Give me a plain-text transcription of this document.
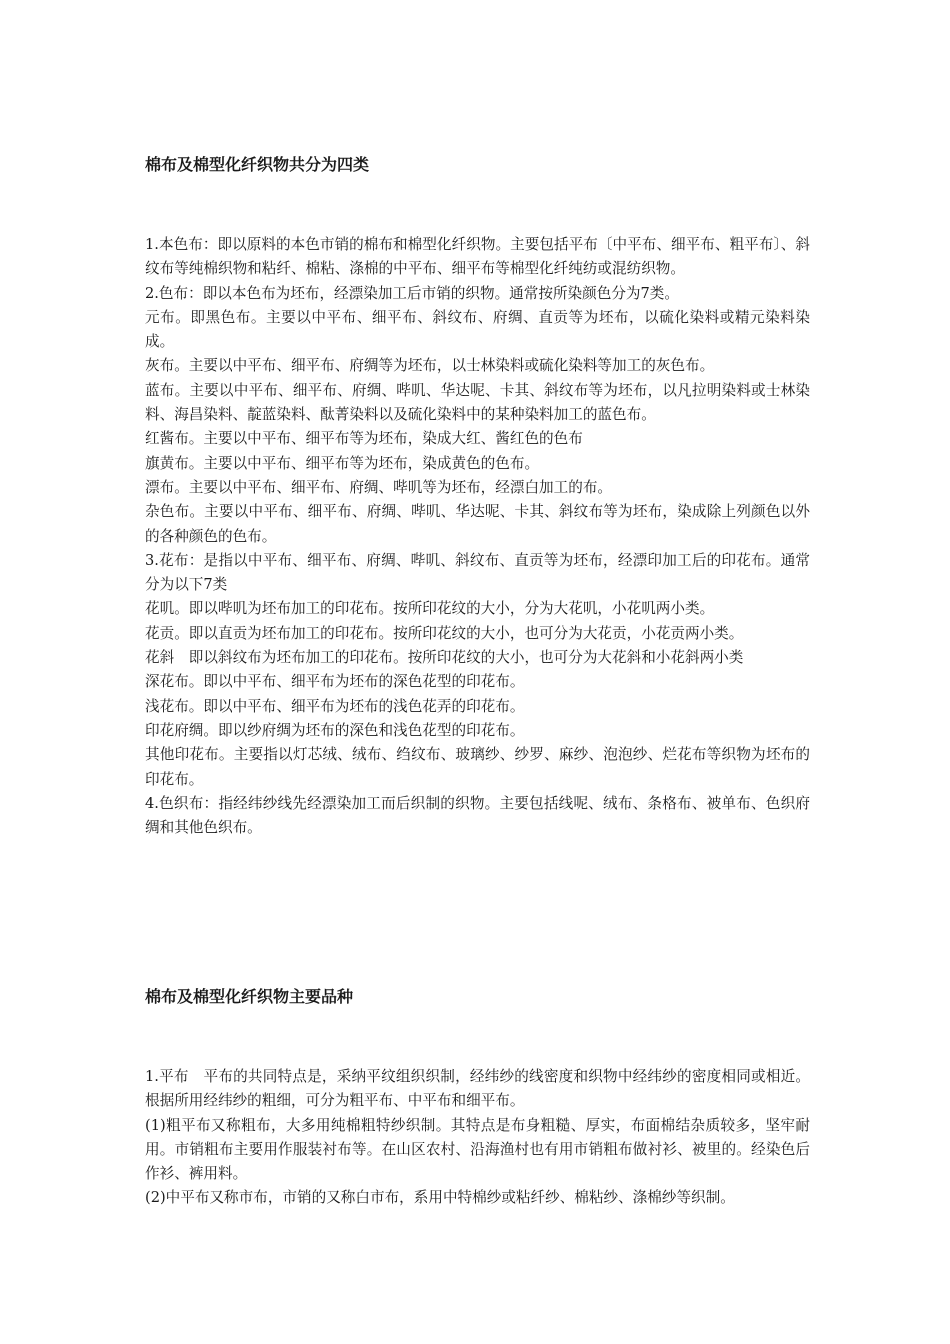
棉布及棉型化纤织物共分为四类

1.本色布：即以原料的本色市销的棉布和棉型化纤织物。主要包括平布〔中平布、细平布、粗平布〕、斜纹布等纯棉织物和粘纤、棉粘、涤棉的中平布、细平布等棉型化纤纯纺或混纺织物。

2.色布：即以本色布为坯布，经漂染加工后市销的织物。通常按所染颜色分为7类。

元布。即黑色布。主要以中平布、细平布、斜纹布、府绸、直贡等为坯布，以硫化染料或精元染料染成。

灰布。主要以中平布、细平布、府绸等为坯布，以士林染料或硫化染料等加工的灰色布。

蓝布。主要以中平布、细平布、府绸、哔叽、华达呢、卡其、斜纹布等为坯布，以凡拉明染料或士林染料、海昌染料、靛蓝染料、酞菁染料以及硫化染料中的某种染料加工的蓝色布。

红酱布。主要以中平布、细平布等为坯布，染成大红、酱红色的色布

旗黄布。主要以中平布、细平布等为坯布，染成黄色的色布。

漂布。主要以中平布、细平布、府绸、哔叽等为坯布，经漂白加工的布。

杂色布。主要以中平布、细平布、府绸、哔叽、华达呢、卡其、斜纹布等为坯布，染成除上列颜色以外的各种颜色的色布。

3.花布：是指以中平布、细平布、府绸、哔叽、斜纹布、直贡等为坯布，经漂印加工后的印花布。通常分为以下7类

花叽。即以哔叽为坯布加工的印花布。按所印花纹的大小，分为大花叽，小花叽两小类。

花贡。即以直贡为坯布加工的印花布。按所印花纹的大小，也可分为大花贡，小花贡两小类。

花斜　即以斜纹布为坯布加工的印花布。按所印花纹的大小，也可分为大花斜和小花斜两小类

深花布。即以中平布、细平布为坯布的深色花型的印花布。

浅花布。即以中平布、细平布为坯布的浅色花弄的印花布。

印花府绸。即以纱府绸为坯布的深色和浅色花型的印花布。

其他印花布。主要指以灯芯绒、绒布、绉纹布、玻璃纱、纱罗、麻纱、泡泡纱、烂花布等织物为坯布的印花布。

4.色织布：指经纬纱线先经漂染加工而后织制的织物。主要包括线呢、绒布、条格布、被单布、色织府绸和其他色织布。

棉布及棉型化纤织物主要品种

1.平布　平布的共同特点是，采纳平纹组织织制，经纬纱的线密度和织物中经纬纱的密度相同或相近。根据所用经纬纱的粗细，可分为粗平布、中平布和细平布。

(1)粗平布又称粗布，大多用纯棉粗特纱织制。其特点是布身粗糙、厚实，布面棉结杂质较多，坚牢耐用。市销粗布主要用作服装衬布等。在山区农村、沿海渔村也有用市销粗布做衬衫、被里的。经染色后作衫、裤用料。

(2)中平布又称市布，市销的又称白市布，系用中特棉纱或粘纤纱、棉粘纱、涤棉纱等织制。
